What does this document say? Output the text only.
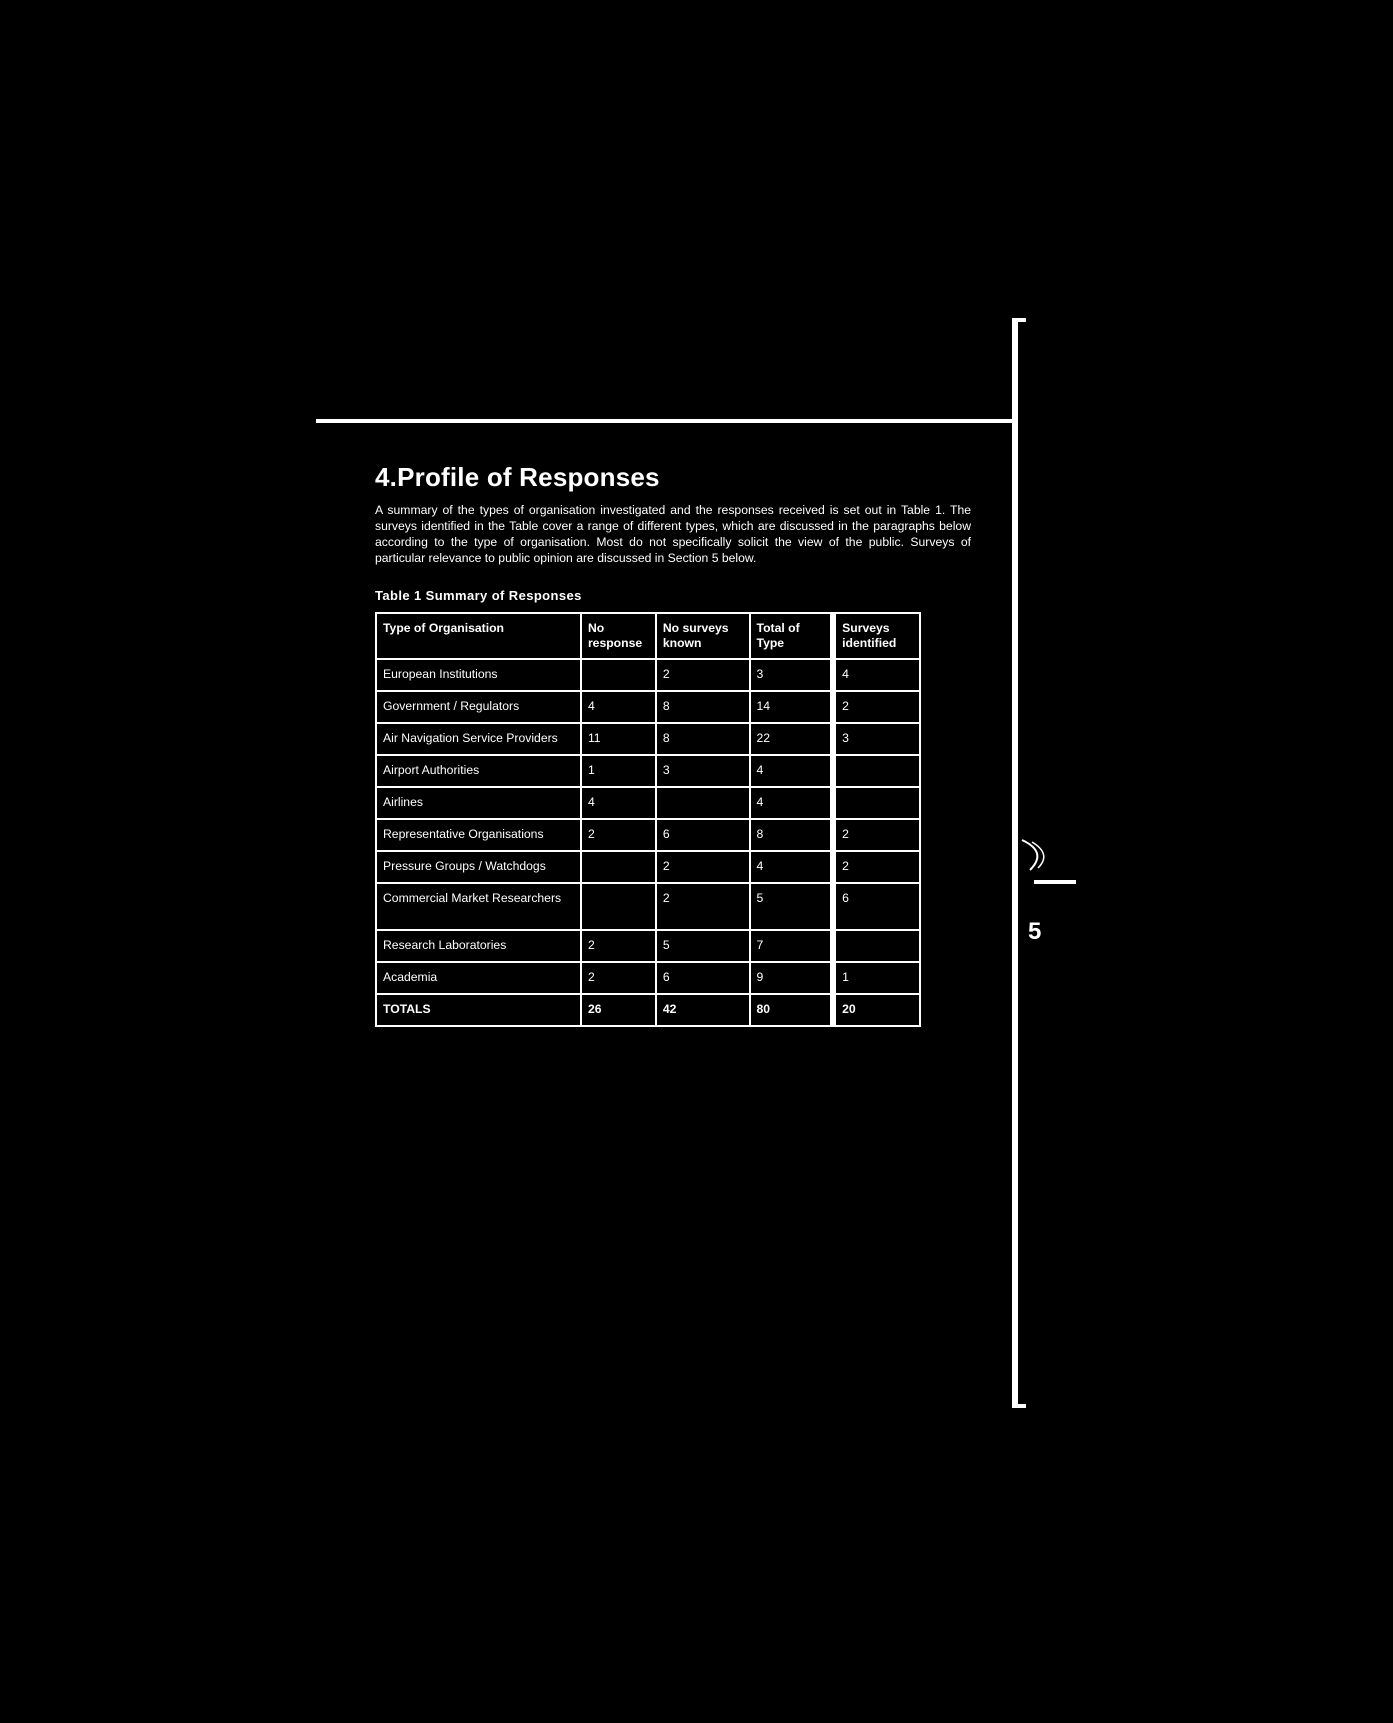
5
4.Profile of Responses

A summary of the types of organisation investigated and the responses received is set out in Table 1. The surveys identified in the Table cover a range of different types, which are discussed in the paragraphs below according to the type of organisation. Most do not specifically solicit the view of the public. Surveys of particular relevance to public opinion are discussed in Section 5 below.

Table 1 Summary of Responses

Type of Organisation	No response	No surveys known	Total of Type	Surveys identified
European Institutions		2	3	4
Government / Regulators	4	8	14	2
Air Navigation Service Providers	11	8	22	3
Airport Authorities	1	3	4	
Airlines	4		4	
Representative Organisations	2	6	8	2
Pressure Groups / Watchdogs		2	4	2
Commercial Market Researchers		2	5	6
Research Laboratories	2	5	7	
Academia	2	6	9	1
TOTALS	26	42	80	20
